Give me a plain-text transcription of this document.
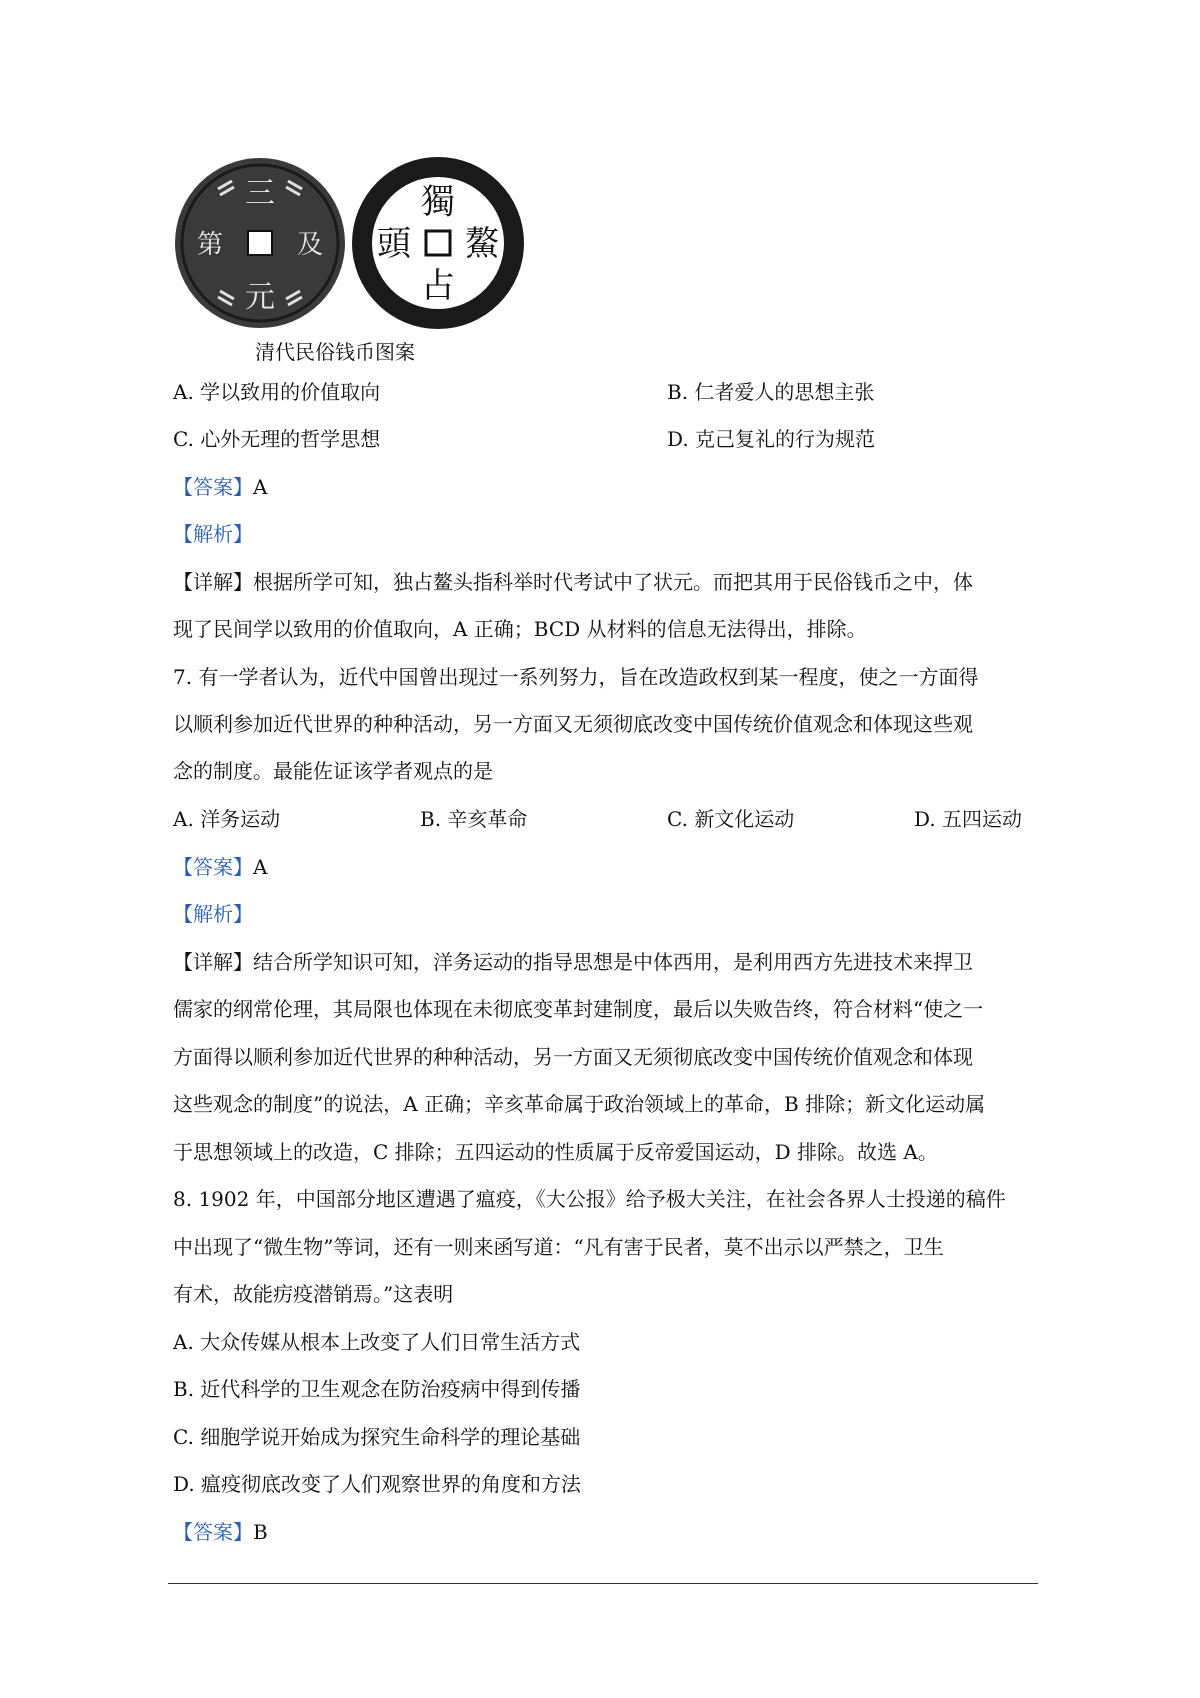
三
元
及
第
獨
占
鰲
頭
清代民俗钱币图案
A. 学以致用的价值取向	B. 仁者爱人的思想主张
C. 心外无理的哲学思想	D. 克己复礼的行为规范
【答案】A
【解析】
【详解】根据所学可知，独占鳌头指科举时代考试中了状元。而把其用于民俗钱币之中，体
现了民间学以致用的价值取向，A 正确；BCD 从材料的信息无法得出，排除。
7. 有一学者认为，近代中国曾出现过一系列努力，旨在改造政权到某一程度，使之一方面得
以顺利参加近代世界的种种活动，另一方面又无须彻底改变中国传统价值观念和体现这些观
念的制度。最能佐证该学者观点的是
A. 洋务运动	B. 辛亥革命	C. 新文化运动	D. 五四运动
【答案】A
【解析】
【详解】结合所学知识可知，洋务运动的指导思想是中体西用，是利用西方先进技术来捍卫
儒家的纲常伦理，其局限也体现在未彻底变革封建制度，最后以失败告终，符合材料“使之一
方面得以顺利参加近代世界的种种活动，另一方面又无须彻底改变中国传统价值观念和体现
这些观念的制度”的说法，A 正确；辛亥革命属于政治领域上的革命，B 排除；新文化运动属
于思想领域上的改造，C 排除；五四运动的性质属于反帝爱国运动，D 排除。故选 A。
8. 1902 年，中国部分地区遭遇了瘟疫，《大公报》给予极大关注，在社会各界人士投递的稿件
中出现了“微生物”等词，还有一则来函写道：“凡有害于民者，莫不出示以严禁之，卫生
有术，故能疠疫潜销焉。”这表明
A. 大众传媒从根本上改变了人们日常生活方式
B. 近代科学的卫生观念在防治疫病中得到传播
C. 细胞学说开始成为探究生命科学的理论基础
D. 瘟疫彻底改变了人们观察世界的角度和方法
【答案】B
